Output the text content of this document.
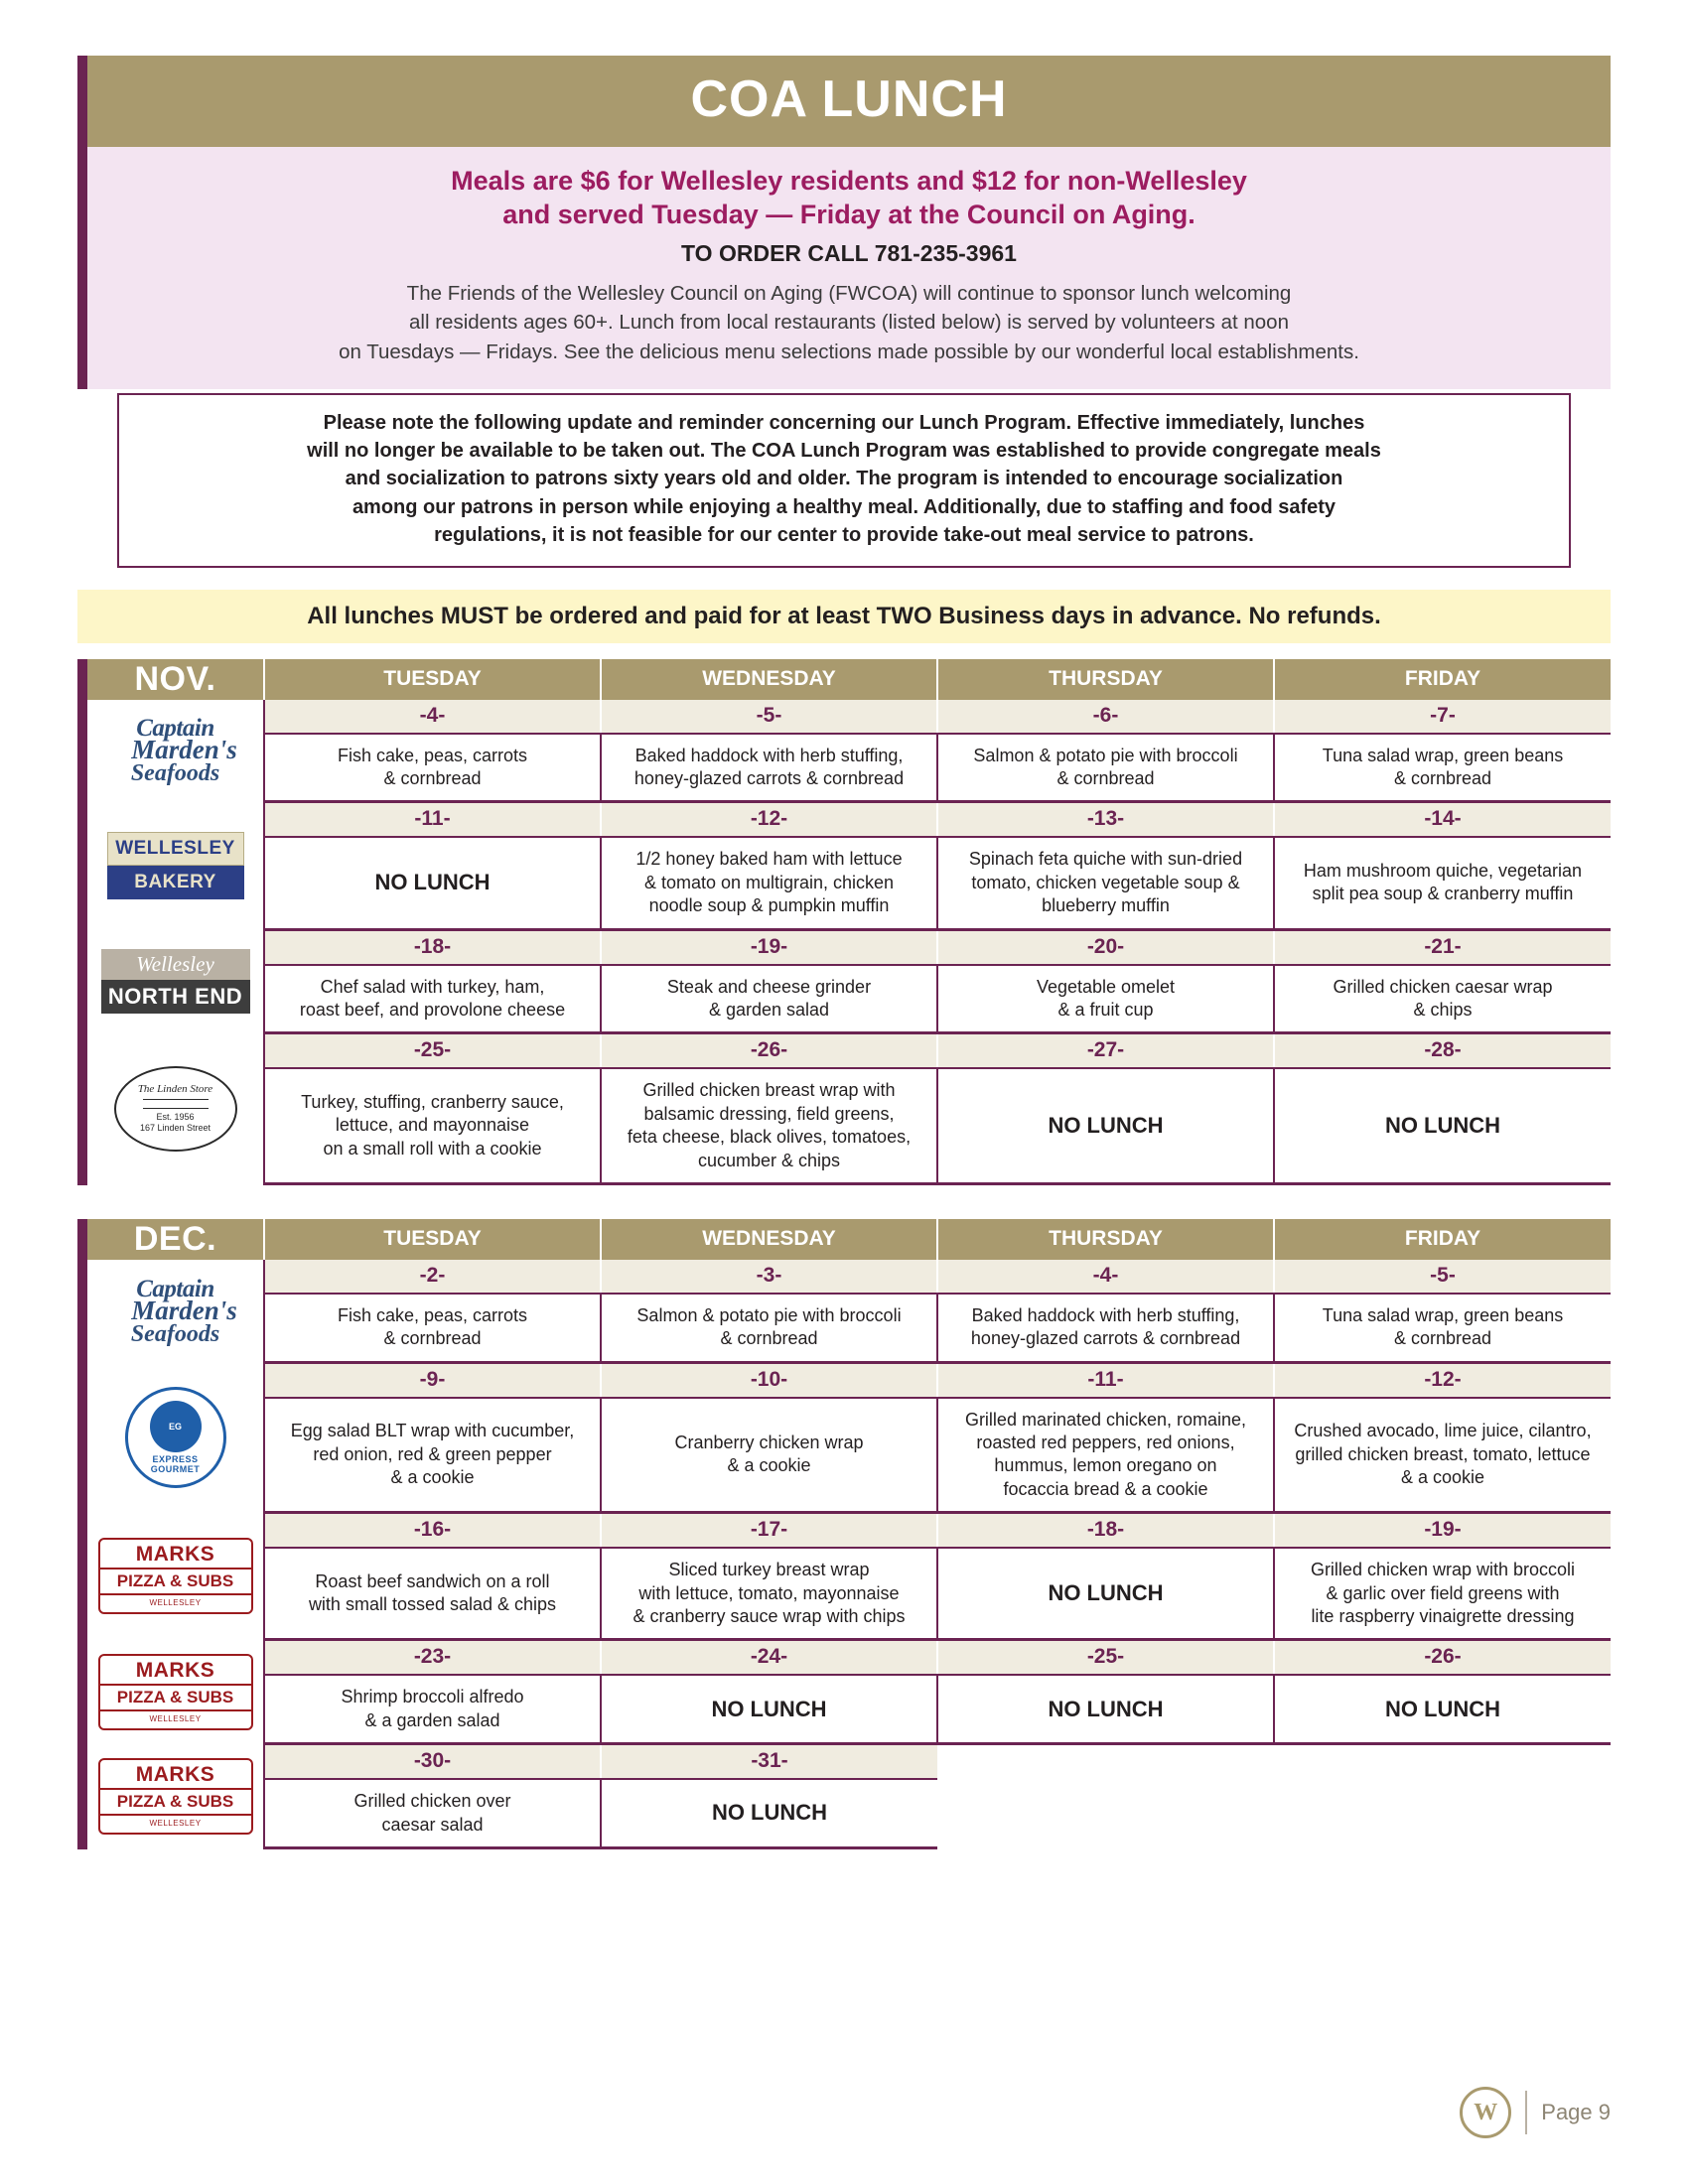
COA LUNCH
Meals are $6 for Wellesley residents and $12 for non-Wellesley
and served Tuesday — Friday at the Council on Aging.
TO ORDER CALL 781-235-3961
The Friends of the Wellesley Council on Aging (FWCOA) will continue to sponsor lunch welcoming
all residents ages 60+. Lunch from local restaurants (listed below) is served by volunteers at noon
on Tuesdays — Fridays. See the delicious menu selections made possible by our wonderful local establishments.
Please note the following update and reminder concerning our Lunch Program. Effective immediately, lunches
will no longer be available to be taken out. The COA Lunch Program was established to provide congregate meals
and socialization to patrons sixty years old and older. The program is intended to encourage socialization
among our patrons in person while enjoying a healthy meal. Additionally, due to staffing and food safety
regulations, it is not feasible for our center to provide take-out meal service to patrons.
All lunches MUST be ordered and paid for at least TWO Business days in advance. No refunds.
NOV.	TUESDAY	WEDNESDAY	THURSDAY	FRIDAY

Captain
Marden's
Seafoods	-4-	-5-	-6-	-7-
	Fish cake, peas, carrots
& cornbread	Baked haddock with herb stuffing,
honey-glazed carrots & cornbread	Salmon & potato pie with broccoli
& cornbread	Tuna salad wrap, green beans
& cornbread

WELLESLEY
BAKERY	-11-	-12-	-13-	-14-
	NO LUNCH	1/2 honey baked ham with lettuce
& tomato on multigrain, chicken
noodle soup & pumpkin muffin	Spinach feta quiche with sun-dried
tomato, chicken vegetable soup &
blueberry muffin	Ham mushroom quiche, vegetarian
split pea soup & cranberry muffin

Wellesley
NORTH END	-18-	-19-	-20-	-21-
	Chef salad with turkey, ham,
roast beef, and provolone cheese	Steak and cheese grinder
& garden salad	Vegetable omelet
& a fruit cup	Grilled chicken caesar wrap
& chips

The Linden Store
Est. 1956
167 Linden Street	-25-	-26-	-27-	-28-
	Turkey, stuffing, cranberry sauce,
lettuce, and mayonnaise
on a small roll with a cookie	Grilled chicken breast wrap with
balsamic dressing, field greens,
feta cheese, black olives, tomatoes,
cucumber & chips	NO LUNCH	NO LUNCH
DEC.	TUESDAY	WEDNESDAY	THURSDAY	FRIDAY

Captain
Marden's
Seafoods	-2-	-3-	-4-	-5-
	Fish cake, peas, carrots
& cornbread	Salmon & potato pie with broccoli
& cornbread	Baked haddock with herb stuffing,
honey-glazed carrots & cornbread	Tuna salad wrap, green beans
& cornbread

EG
EXPRESS
GOURMET	-9-	-10-	-11-	-12-
	Egg salad BLT wrap with cucumber,
red onion, red & green pepper
& a cookie	Cranberry chicken wrap
& a cookie	Grilled marinated chicken, romaine,
roasted red peppers, red onions,
hummus, lemon oregano on
focaccia bread & a cookie	Crushed avocado, lime juice, cilantro,
grilled chicken breast, tomato, lettuce
& a cookie

MARKS
PIZZA & SUBS
WELLESLEY	-16-	-17-	-18-	-19-
	Roast beef sandwich on a roll
with small tossed salad & chips	Sliced turkey breast wrap
with lettuce, tomato, mayonnaise
& cranberry sauce wrap with chips	NO LUNCH	Grilled chicken wrap with broccoli
& garlic over field greens with
lite raspberry vinaigrette dressing

MARKS
PIZZA & SUBS
WELLESLEY	-23-	-24-	-25-	-26-
	Shrimp broccoli alfredo
& a garden salad	NO LUNCH	NO LUNCH	NO LUNCH

MARKS
PIZZA & SUBS
WELLESLEY	-30-	-31-		
	Grilled chicken over
caesar salad	NO LUNCH		
W	Page 9
